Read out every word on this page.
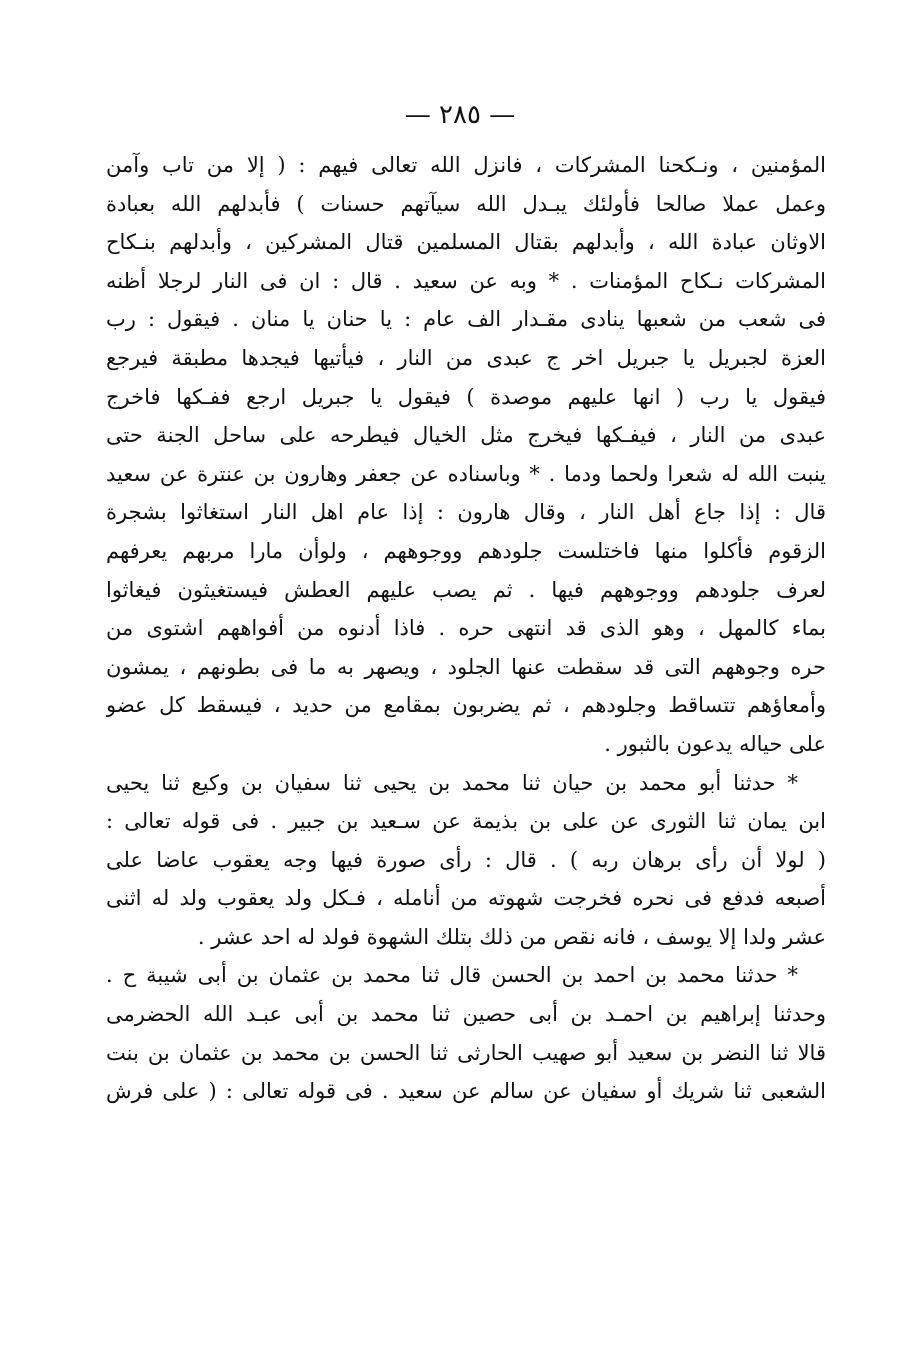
— ٢٨٥ —
المؤمنين ، ونـكحنا المشركات ، فانزل الله تعالى فيهم : ( إلا من تاب وآمن
وعمل عملا صالحا فأولئك يبـدل الله سيآتهم حسنات ) فأبدلهم الله بعبادة
الاوثان عبادة الله ، وأبدلهم بقتال المسلمين قتال المشركين ، وأبدلهم بنـكاح
المشركات نـكاح المؤمنات . * وبه عن سعيد . قال : ان فى النار لرجلا أظنه
فى شعب من شعبها ينادى مقـدار الف عام : يا حنان يا منان . فيقول : رب
العزة لجبريل يا جبريل اخر ج عبدى من النار ، فيأتيها فيجدها مطبقة فيرجع
فيقول يا رب ( انها عليهم موصدة ) فيقول يا جبريل ارجع ففـكها فاخرج
عبدى من النار ، فيفـكها فيخرج مثل الخيال فيطرحه على ساحل الجنة حتى
ينبت الله له شعرا ولحما ودما . * وباسناده عن جعفر وهارون بن عنترة عن سعيد
قال : إذا جاع أهل النار ، وقال هارون : إذا عام اهل النار استغاثوا بشجرة
الزقوم فأكلوا منها فاختلست جلودهم ووجوههم ، ولوأن مارا مربهم يعرفهم
لعرف جلودهم ووجوههم فيها . ثم يصب عليهم العطش فيستغيثون فيغاثوا
بماء كالمهل ، وهو الذى قد انتهى حره . فاذا أدنوه من أفواههم اشتوى من
حره وجوههم التى قد سقطت عنها الجلود ، ويصهر به ما فى بطونهم ، يمشون
وأمعاؤهم تتساقط وجلودهم ، ثم يضربون بمقامع من حديد ، فيسقط كل عضو
على حياله يدعون بالثبور .
* حدثنا أبو محمد بن حيان ثنا محمد بن يحيى ثنا سفيان بن وكيع ثنا يحيى
ابن يمان ثنا الثورى عن على بن بذيمة عن سـعيد بن جبير . فى قوله تعالى :
( لولا أن رأى برهان ربه ) . قال : رأى صورة فيها وجه يعقوب عاضا على
أصبعه فدفع فى نحره فخرجت شهوته من أنامله ، فـكل ولد يعقوب ولد له اثنى
عشر ولدا إلا يوسف ، فانه نقص من ذلك بتلك الشهوة فولد له احد عشر .
* حدثنا محمد بن احمد بن الحسن قال ثنا محمد بن عثمان بن أبى شيبة ح .
وحدثنا إبراهيم بن احمـد بن أبى حصين ثنا محمد بن أبى عبـد الله الحضرمى
قالا ثنا النضر بن سعيد أبو صهيب الحارثى ثنا الحسن بن محمد بن عثمان بن بنت
الشعبى ثنا شريك أو سفيان عن سالم عن سعيد . فى قوله تعالى : ( على فرش
